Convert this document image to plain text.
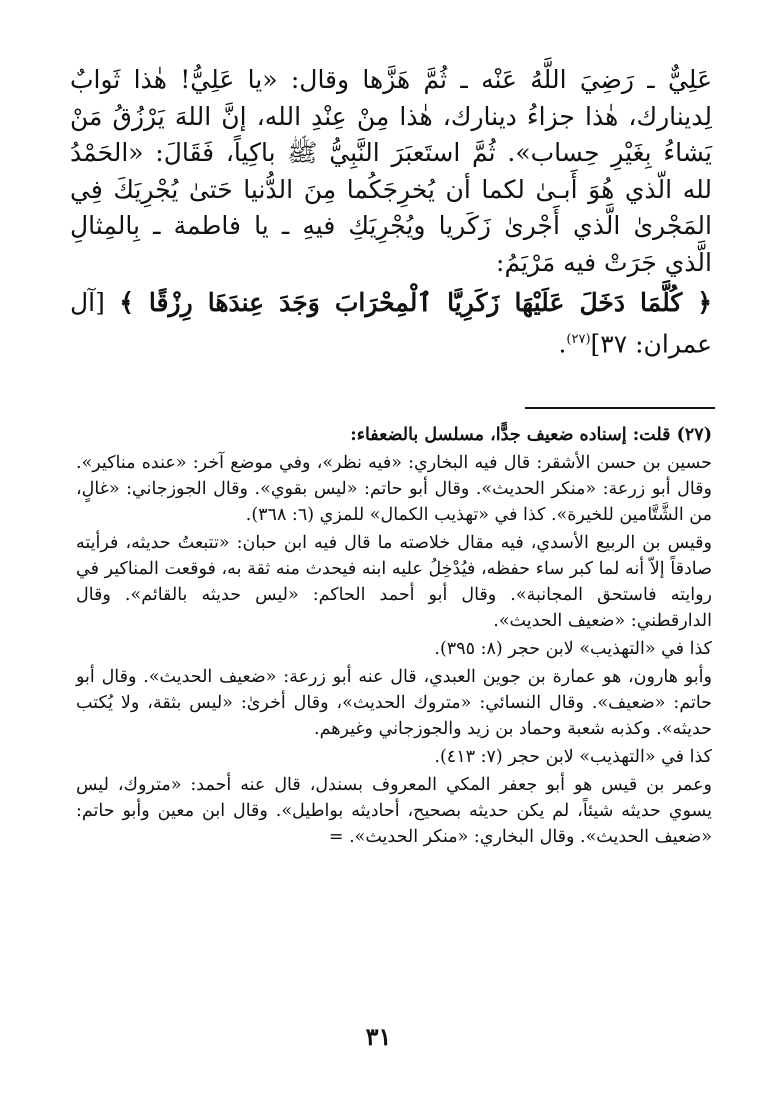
عَلِيٌّ ـ رَضِيَ اللَّهُ عَنْه ـ ثُمَّ هَزَّها وقال: «يا عَلِيُّ! هٰذا ثَوابٌ لِدينارك، هٰذا جزاءُ دينارك، هٰذا مِنْ عِنْدِ الله، إنَّ اللهَ يَرْزُقُ مَنْ يَشاءُ بِغَيْرِ حِساب». ثُمَّ استَعبَرَ النَّبِيُّ ﷺ باكِياً، فَقَالَ: «الحَمْدُ لله الّذي هُوَ أَبـىٰ لكما أن يُخرِجَكُما مِنَ الدُّنيا حَتىٰ يُجْرِيَكَ فِي المَجْرىٰ الَّذي أَجْرىٰ زَكَريا ويُجْرِيَكِ فيهِ ـ يا فاطمة ـ بِالمِثالِ الَّذي جَرَتْ فيه مَرْيَمُ:
﴿ كُلَّمَا دَخَلَ عَلَيْهَا زَكَرِيَّا ٱلْمِحْرَابَ وَجَدَ عِندَهَا رِزْقًا ﴾ [آل عمران: ٣٧]$^{(٢٧)}$.

(٢٧) قلت: إسناده ضعيف جدًّا، مسلسل بالضعفاء:

حسين بن حسن الأشقر: قال فيه البخاري: «فيه نظر»، وفي موضع آخر: «عنده مناكير». وقال أبو زرعة: «منكر الحديث». وقال أبو حاتم: «ليس بقوي». وقال الجوزجاني: «غالٍ، من الشَّتَّامين للخيرة». كذا في «تهذيب الكمال» للمزي (٦: ٣٦٨).

وقيس بن الربيع الأسدي، فيه مقال خلاصته ما قال فيه ابن حبان: «تتبعتُ حديثه، فرأيته صادقاً إلاّ أنه لما كبر ساء حفظه، فيُدْخِلُ عليه ابنه فيحدث منه ثقة به، فوقعت المناكير في روايته فاستحق المجانبة». وقال أبو أحمد الحاكم: «ليس حديثه بالقائم». وقال الدارقطني: «ضعيف الحديث».

كذا في «التهذيب» لابن حجر (٨: ٣٩٥).

وأبو هارون، هو عمارة بن جوين العبدي، قال عنه أبو زرعة: «ضعيف الحديث». وقال أبو حاتم: «ضعيف». وقال النسائي: «متروك الحديث»، وقال أخرىٰ: «ليس بثقة، ولا يُكتب حديثه». وكذبه شعبة وحماد بن زيد والجوزجاني وغيرهم.

كذا في «التهذيب» لابن حجر (٧: ٤١٣).

وعمر بن قيس هو أبو جعفر المكي المعروف بسندل، قال عنه أحمد: «متروك، ليس يسوي حديثه شيئاً، لم يكن حديثه بصحيح، أحاديثه بواطيل». وقال ابن معين وأبو حاتم: «ضعيف الحديث». وقال البخاري: «منكر الحديث». =

٣١
